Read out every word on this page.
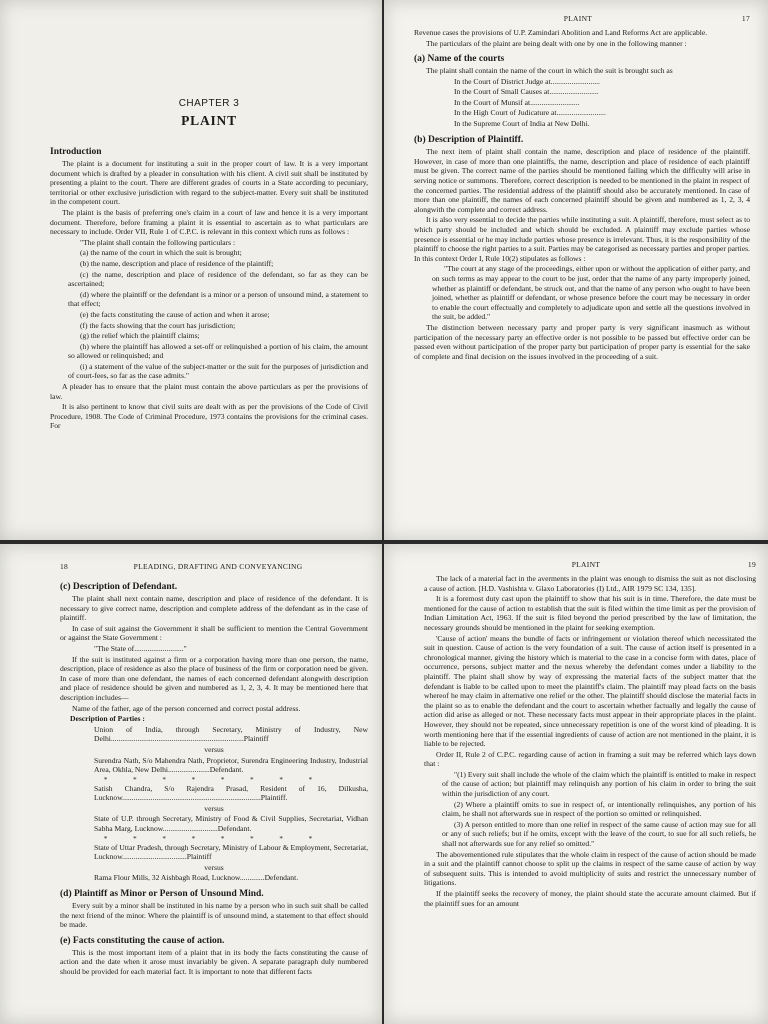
CHAPTER 3
PLAINT
Introduction

The plaint is a document for instituting a suit in the proper court of law. It is a very important document which is drafted by a pleader in consultation with his client. A civil suit shall be instituted by presenting a plaint to the court. There are different grades of courts in a State according to pecuniary, territorial or other exclusive jurisdiction with regard to the subject-matter. Every suit shall be instituted in the competent court.

The plaint is the basis of preferring one's claim in a court of law and hence it is a very important document. Therefore, before framing a plaint it is essential to ascertain as to what particulars are necessary to include. Order VII, Rule 1 of C.P.C. is relevant in this context which runs as follows :

"The plaint shall contain the following particulars :

(a) the name of the court in which the suit is brought;

(b) the name, description and place of residence of the plaintiff;

(c) the name, description and place of residence of the defendant, so far as they can be ascertained;

(d) where the plaintiff or the defendant is a minor or a person of unsound mind, a statement to that effect;

(e) the facts constituting the cause of action and when it arose;

(f) the facts showing that the court has jurisdiction;

(g) the relief which the plaintiff claims;

(h) where the plaintiff has allowed a set-off or relinquished a portion of his claim, the amount so allowed or relinquished; and

(i) a statement of the value of the subject-matter or the suit for the purposes of jurisdiction and of court-fees, so far as the case admits."

A pleader has to ensure that the plaint must contain the above particulars as per the provisions of law.

It is also pertinent to know that civil suits are dealt with as per the provisions of the Code of Civil Procedure, 1908. The Code of Criminal Procedure, 1973 contains the provisions for the criminal cases. For

PLAINT	17

Revenue cases the provisions of U.P. Zamindari Abolition and Land Reforms Act are applicable.

The particulars of the plaint are being dealt with one by one in the following manner :

(a) Name of the courts

The plaint shall contain the name of the court in which the suit is brought such as

In the Court of District Judge at..........................
In the Court of Small Causes at..........................
In the Court of Munsif at..........................
In the High Court of Judicature at..........................
In the Supreme Court of India at New Delhi.
(b) Description of Plaintiff.

The next item of plaint shall contain the name, description and place of residence of the plaintiff. However, in case of more than one plaintiffs, the name, description and place of residence of each plaintiff must be given. The correct name of the parties should be mentioned failing which the difficulty will arise in serving notice or summons. Therefore, correct description is needed to be mentioned in the plaint in respect of the concerned parties. The residential address of the plaintiff should also be accurately mentioned. In case of more than one plaintiff, the names of each concerned plaintiff should be given and numbered as 1, 2, 3, 4 alongwith the complete and correct address.

It is also very essential to decide the parties while instituting a suit. A plaintiff, therefore, must select as to which party should be included and which should be excluded. A plaintiff may exclude parties whose presence is essential or he may include parties whose presence is irrelevant. Thus, it is the responsibility of the plaintiff to choose the right parties to a suit. Parties may be categorised as necessary parties and proper parties. In this context Order I, Rule 10(2) stipulates as follows :

"The court at any stage of the proceedings, either upon or without the application of either party, and on such terms as may appear to the court to be just, order that the name of any party improperly joined, whether as plaintiff or defendant, be struck out, and that the name of any person who ought to have been joined, whether as plaintiff or defendant, or whose presence before the court may be necessary in order to enable the court effectually and completely to adjudicate upon and settle all the questions involved in the suit, be added."

The distinction between necessary party and proper party is very significant inasmuch as without participation of the necessary party an effective order is not possible to be passed but effective order can be passed even without participation of the proper party but participation of proper party is essential for the sake of complete and final decision on the issues involved in the proceeding of a suit.

18	PLEADING, DRAFTING AND CONVEYANCING
(c) Description of Defendant.

The plaint shall next contain name, description and place of residence of the defendant. It is necessary to give correct name, description and complete address of the defendant as in the case of plaintiff.

In case of suit against the Government it shall be sufficient to mention the Central Government or against the State Government :

"The State of.........................."

If the suit is instituted against a firm or a corporation having more than one person, the name, description, place of residence as also the place of business of the firm or corporation need be given. In case of more than one defendant, the names of each concerned defendant alongwith description and place of residence should be given and numbered as 1, 2, 3, 4. It may be mentioned here that description includes—

Name of the father, age of the person concerned and correct postal address.

Description of Parties :

Union of India, through Secretary, Ministry of Industry, New Delhi......................................................................Plaintiff

versus

Surendra Nath, S/o Mahendra Nath, Proprietor, Surendra Engineering Industry, Industrial Area, Okhla, New Delhi......................Defendant.

* * * * * * * *

Satish Chandra, S/o Rajendra Prasad, Resident of 16, Dilkusha, Lucknow.........................................................................Plaintiff.

versus

State of U.P. through Secretary, Ministry of Food & Civil Supplies, Secretariat, Vidhan Sabha Marg, Lucknow.............................Defendant.

* * * * * * * *

State of Uttar Pradesh, through Secretary, Ministry of Labour & Employment, Secretariat, Lucknow..................................Plaintiff

versus

Rama Flour Mills, 32 Aishbagh Road, Lucknow.............Defendant.

(d) Plaintiff as Minor or Person of Unsound Mind.

Every suit by a minor shall be instituted in his name by a person who in such suit shall be called the next friend of the minor. Where the plaintiff is of unsound mind, a statement to that effect should be made.

(e) Facts constituting the cause of action.

This is the most important item of a plaint that in its body the facts constituting the cause of action and the date when it arose must invariably be given. A separate paragraph duly numbered should be provided for each material fact. It is important to note that different facts

PLAINT	19

The lack of a material fact in the averments in the plaint was enough to dismiss the suit as not disclosing a cause of action. [H.D. Vashishta v. Glaxo Laboratories (I) Ltd., AIR 1979 SC 134, 135].

It is a foremost duty cast upon the plaintiff to show that his suit is in time. Therefore, the date must be mentioned for the cause of action to establish that the suit is filed within the time limit as per the provision of Indian Limitation Act, 1963. If the suit is filed beyond the period prescribed by the law of limitation, the necessary grounds should be mentioned in the plaint for seeking exemption.

'Cause of action' means the bundle of facts or infringement or violation thereof which necessitated the suit in question. Cause of action is the very foundation of a suit. The cause of action itself is presented in a chronological manner, giving the history which is material to the case in a concise form with dates, place of occurrence, persons, subject matter and the nexus whereby the defendant comes under a liability to the plaintiff. The plaint shall show by way of expressing the material facts of the subject matter that the defendant is liable to be called upon to meet the plaintiff's claim. The plaintiff may plead facts on the basis whereof he may claim in alternative one relief or the other. The plaintiff should disclose the material facts in the plaint so as to enable the defendant and the court to ascertain whether factually and legally the cause of action did arise as alleged or not. These necessary facts must appear in their appropriate places in the plaint. However, they should not be repeated, since unnecessary repetition is one of the worst kind of pleading. It is worth mentioning here that if the essential ingredients of cause of action are not mentioned in the plaint, it is liable to be rejected.

Order II, Rule 2 of C.P.C. regarding cause of action in framing a suit may be referred which lays down that :

"(1) Every suit shall include the whole of the claim which the plaintiff is entitled to make in respect of the cause of action; but plaintiff may relinquish any portion of his claim in order to bring the suit within the jurisdiction of any court.

(2) Where a plaintiff omits to sue in respect of, or intentionally relinquishes, any portion of his claim, he shall not afterwards sue in respect of the portion so omitted or relinquished.

(3) A person entitled to more than one relief in respect of the same cause of action may sue for all or any of such reliefs; but if he omits, except with the leave of the court, to sue for all such reliefs, he shall not afterwards sue for any relief so omitted."

The abovementioned rule stipulates that the whole claim in respect of the cause of action should be made in a suit and the plaintiff cannot choose to split up the claims in respect of the same cause of action by way of subsequent suits. This is intended to avoid multiplicity of suits and restrict the unnecessary number of litigations.

If the plaintiff seeks the recovery of money, the plaint should state the accurate amount claimed. But if the plaintiff sues for an amount
